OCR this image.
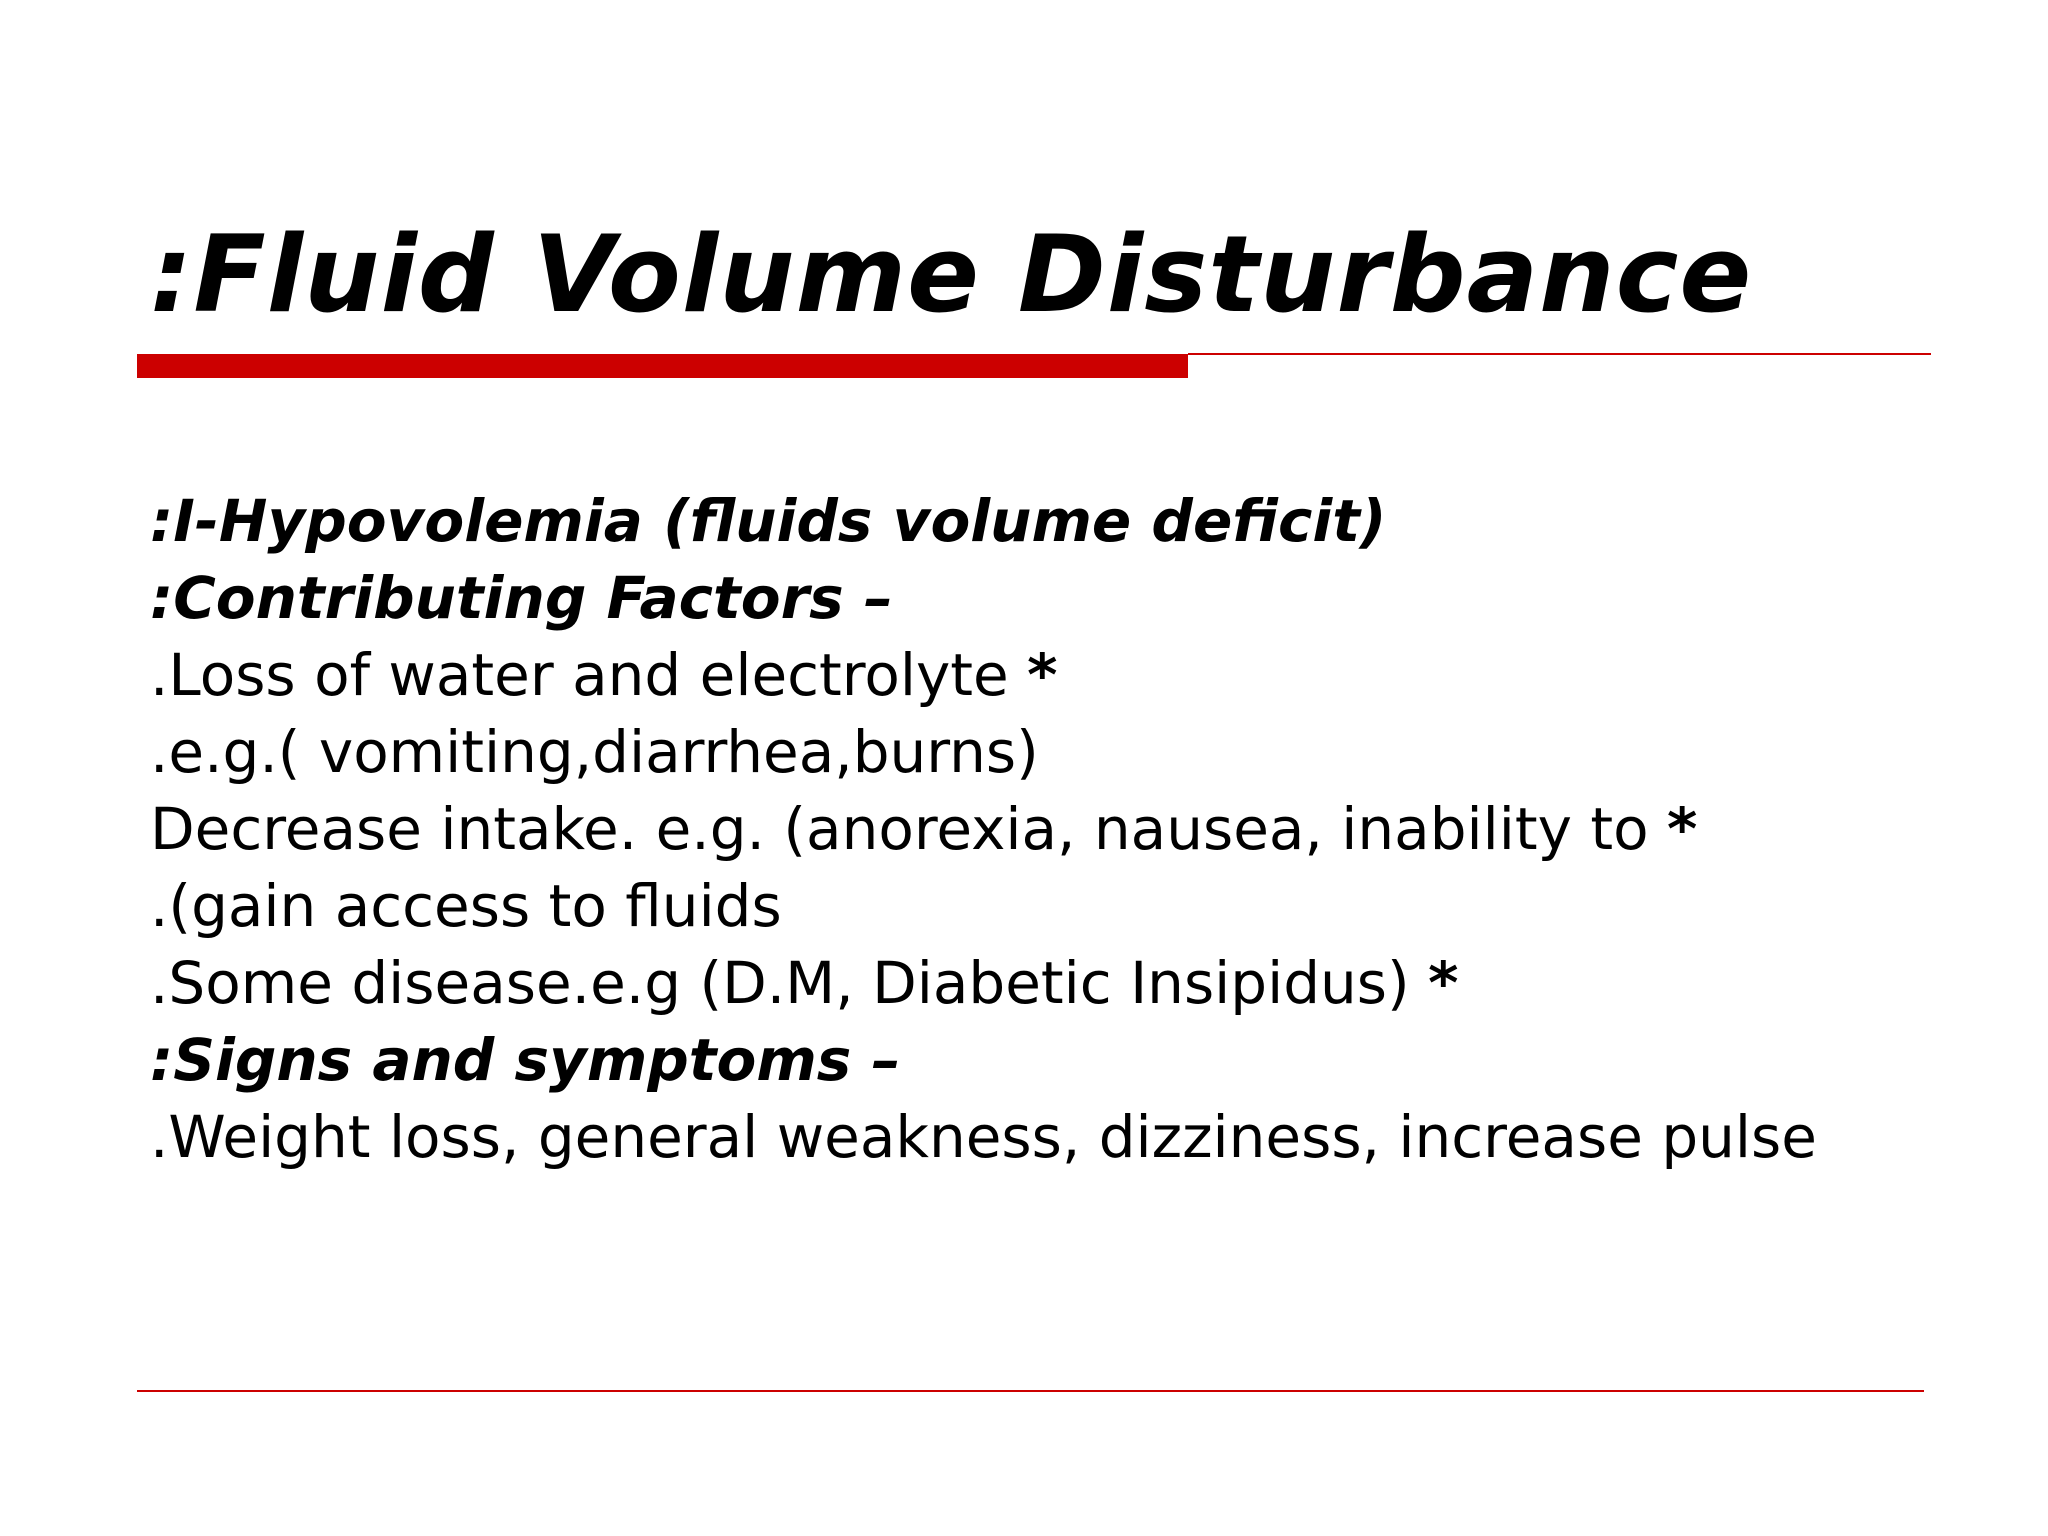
:Fluid Volume Disturbance
:I-Hypovolemia (fluids volume deficit)
:Contributing Factors –
.Loss of water and electrolyte *
.e.g.( vomiting,diarrhea,burns)
Decrease intake. e.g. (anorexia, nausea, inability to *
.(gain access to fluids
.Some disease.e.g (D.M, Diabetic Insipidus) *
:Signs and symptoms –
.Weight loss, general weakness, dizziness, increase pulse
